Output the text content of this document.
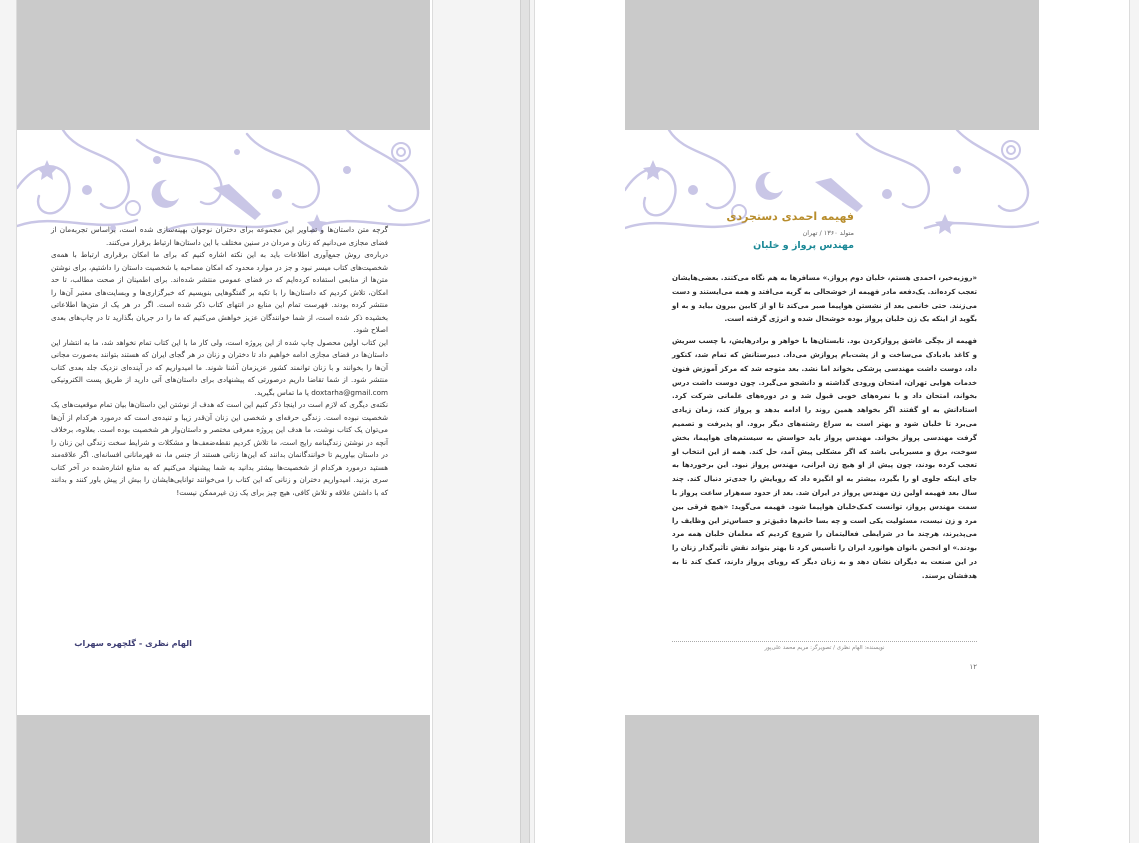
گرچه متن داستان‌ها و تصاویر این مجموعه برای دختران نوجوان بهینه‌سازی شده است، براساس تجربه‌مان از فضای مجازی می‌دانیم که زنان و مردان در سنین مختلف با این داستان‌ها ارتباط برقرار می‌کنند.

درباره‌ی روش جمع‌آوری اطلاعات باید به این نکته اشاره کنیم که برای ما امکان برقراری ارتباط با همه‌ی شخصیت‌های کتاب میسر نبود و جز در موارد محدود که امکان مصاحبه با شخصیت داستان را داشتیم، برای نوشتن متن‌ها از منابعی استفاده کرده‌ایم که در فضای عمومی منتشر شده‌اند. برای اطمینان از صحت مطالب، تا حد امکان، تلاش کردیم که داستان‌ها را با تکیه بر گفتگوهایی بنویسیم که خبرگزاری‌ها و وبسایت‌های معتبر آن‌ها را منتشر کرده بودند. فهرست تمام این منابع در انتهای کتاب ذکر شده است. اگر در هر یک از متن‌ها اطلاعاتی بخشیده ذکر شده است، از شما خوانندگان عزیز خواهش می‌کنیم که ما را در جریان بگذارید تا در چاپ‌های بعدی اصلاح شود.

این کتاب اولین محصول چاپ شده از این پروژه است، ولی کار ما با این کتاب تمام نخواهد شد، ما به انتشار این داستان‌ها در فضای مجازی ادامه خواهیم داد تا دختران و زنان در هر گجای ایران که هستند بتوانند به‌صورت مجانی آن‌ها را بخوانند و با زنان توانمند کشور عزیزمان آشنا شوند. ما امیدواریم که در آینده‌ای نزدیک جلد بعدی کتاب منتشر شود. از شما تقاضا داریم درصورتی که پیشنهادی برای داستان‌های آتی دارید از طریق پست الکترونیکی doxtarha@gmail.com یا ما تماس بگیرید.

نکته‌ی دیگری که لازم است در اینجا ذکر کنیم این است که هدف از نوشتن این داستان‌ها بیان تمام موقعیت‌های یک شخصیت نبوده است. زندگی حرفه‌ای و شخصی این زنان آن‌قدر زیبا و تنیده‌ی است که درمورد هرکدام از آن‌ها می‌توان یک کتاب نوشت، ما هدف این پروژه معرفی مختصر و داستان‌وار هر شخصیت بوده است. بعلاوه، برخلاف آنچه در نوشتن زندگینامه رایج است، ما تلاش کردیم نقطه‌ضعف‌ها و مشکلات و شرایط سخت زندگی این زنان را در داستان بیاوریم تا خوانندگانمان بدانند که این‌ها زنانی هستند از جنس ما، نه قهرمانانی افسانه‌ای. اگر علاقه‌مند هستید درمورد هرکدام از شخصیت‌ها بیشتر بدانید به شما پیشنهاد می‌کنیم که به منابع اشاره‌شده در آخر کتاب سری بزنید. امیدواریم دختران و زنانی که این کتاب را می‌خوانند توانایی‌هایشان را بیش از پیش باور کنند و بدانند که با داشتن علاقه و تلاش کافی، هیچ چیز برای یک زن غیرممکن نیست!

الهام نظری - گلچهره سهراب
فهیمه احمدی دستجردی
متولد ۱۳۶۰ / تهران
مهندس پرواز و خلبان

«روزبه‌خیر، احمدی هستم، خلبان دوم پرواز.» مسافرها به هم نگاه می‌کنند. بعضی‌هایشان تعجب کرده‌اند. یک‌دفعه مادر فهیمه از خوشحالی به گریه می‌افتد و همه می‌ایستند و دست می‌زنند. حتی خانمی بعد از نشستن هواپیما صبر می‌کند تا او از کابین بیرون بیاید و به او بگوید از اینکه یک زن خلبان پرواز بوده خوشحال شده و انرژی گرفته است.

فهیمه از بچگی عاشق پروازکردن بود. تابستان‌ها با خواهر و برادرهایش، با چسب سریش و کاغذ بادبادک می‌ساخت و از پشت‌بام پروازش می‌داد. دبیرستانش که تمام شد، کنکور داد، دوست داشت مهندسی پزشکی بخواند اما نشد. بعد متوجه شد که مرکز آموزش فنون خدمات هوایی تهران، امتحان ورودی گذاشته و دانشجو می‌گیرد. چون دوست داشت درس بخواند، امتحان داد و با نمره‌های خوبی قبول شد و در دوره‌های علمانی شرکت کرد. استادانش به او گفتند اگر بخواهد همین روند را ادامه بدهد و پرواز کند، زمان زیادی می‌برد تا خلبان شود و بهتر است به سراغ رشته‌های دیگر برود. او پذیرفت و تصمیم گرفت مهندسی پرواز بخواند. مهندس پرواز باید حواسش به سیستم‌های هواپیما، بخش سوخت، برق و مسیریابی باشد که اگر مشکلی پیش آمد، حل کند. همه از این انتخاب او تعجب کرده بودند، چون پیش از او هیچ زن ایرانی، مهندس پرواز نبود. این برخوردها به جای اینکه جلوی او را بگیرد، بیشتر به او انگیزه داد که رویایش را جدی‌تر دنبال کند. چند سال بعد فهیمه اولین زن مهندس پرواز در ایران شد. بعد از حدود سه‌هزار ساعت پرواز با سمت مهندس پرواز، توانست کمک‌خلبان هواپیما شود. فهیمه می‌گوید: «هیچ فرقی بین مرد و زن نیست، مسئولیت یکی است و چه بسا خانم‌ها دقیق‌تر و حساس‌تر این وظایف را می‌پذیرند، هرچند ما در شرایطی فعالیتمان را شروع کردیم که معلمان خلبان همه مرد بودند.» او انجمن بانوان هوانورد ایران را تأسیس کرد تا بهتر بتواند نقش تأثیرگذار زنان را در این صنعت به دیگران نشان دهد و به زنان دیگر که رویای پرواز دارند، کمک کند تا به هدفشان برسند.

نویسنده: الهام نظری / تصویرگر: مریم محمد علی‌پور
۱۲
